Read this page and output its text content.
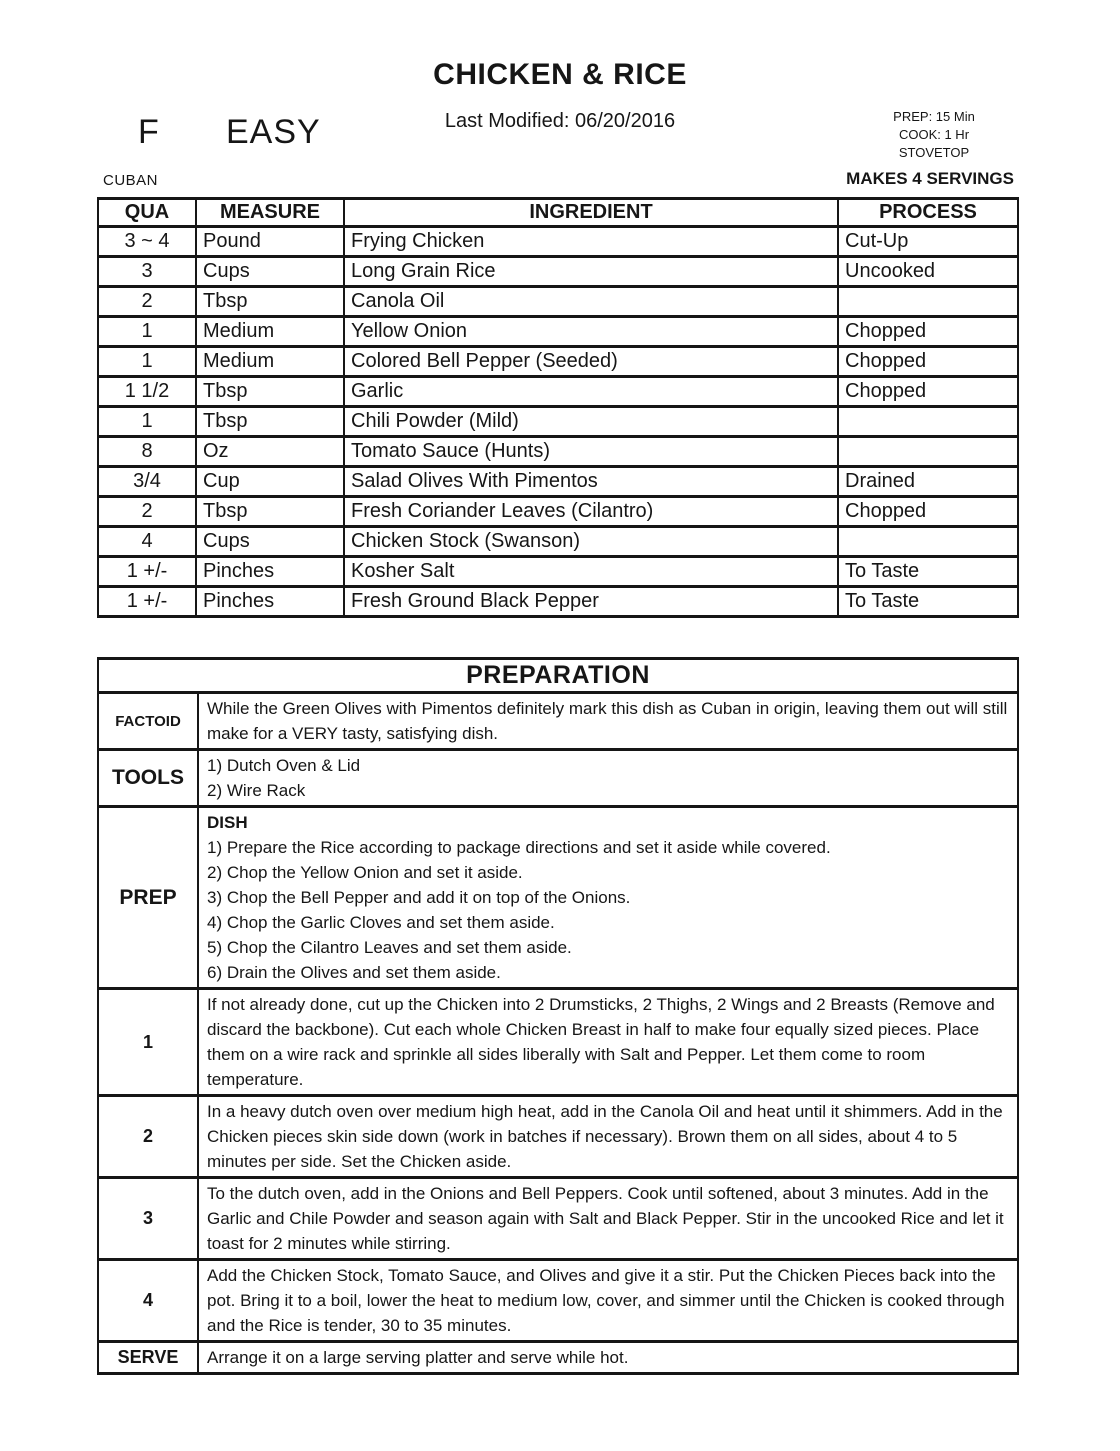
CHICKEN & RICE
Last Modified: 06/20/2016
F EASY	PREP: 15 Min
COOK: 1 Hr
STOVETOP
CUBAN	MAKES 4 SERVINGS
QUA	MEASURE	INGREDIENT	PROCESS
3 ~ 4	Pound	Frying Chicken	Cut-Up
3	Cups	Long Grain Rice	Uncooked
2	Tbsp	Canola Oil	
1	Medium	Yellow Onion	Chopped
1	Medium	Colored Bell Pepper (Seeded)	Chopped
1 1/2	Tbsp	Garlic	Chopped
1	Tbsp	Chili Powder (Mild)	
8	Oz	Tomato Sauce (Hunts)	
3/4	Cup	Salad Olives With Pimentos	Drained
2	Tbsp	Fresh Coriander Leaves (Cilantro)	Chopped
4	Cups	Chicken Stock (Swanson)	
1 +/-	Pinches	Kosher Salt	To Taste
1 +/-	Pinches	Fresh Ground Black Pepper	To Taste
PREPARATION	
FACTOID	While the Green Olives with Pimentos definitely mark this dish as Cuban in origin, leaving them out will still make for a VERY tasty, satisfying dish.
TOOLS	1) Dutch Oven & Lid
2) Wire Rack

PREP	
DISH
1) Prepare the Rice according to package directions and set it aside while covered.
2) Chop the Yellow Onion and set it aside.
3) Chop the Bell Pepper and add it on top of the Onions.
4) Chop the Garlic Cloves and set them aside.
5) Chop the Cilantro Leaves and set them aside.
6) Drain the Olives and set them aside.

1	If not already done, cut up the Chicken into 2 Drumsticks, 2 Thighs, 2 Wings and 2 Breasts (Remove and discard the backbone). Cut each whole Chicken Breast in half to make four equally sized pieces. Place them on a wire rack and sprinkle all sides liberally with Salt and Pepper. Let them come to room temperature.
2	In a heavy dutch oven over medium high heat, add in the Canola Oil and heat until it shimmers. Add in the Chicken pieces skin side down (work in batches if necessary). Brown them on all sides, about 4 to 5 minutes per side. Set the Chicken aside.
3	To the dutch oven, add in the Onions and Bell Peppers. Cook until softened, about 3 minutes. Add in the Garlic and Chile Powder and season again with Salt and Black Pepper. Stir in the uncooked Rice and let it toast for 2 minutes while stirring.
4	Add the Chicken Stock, Tomato Sauce, and Olives and give it a stir. Put the Chicken Pieces back into the pot. Bring it to a boil, lower the heat to medium low, cover, and simmer until the Chicken is cooked through and the Rice is tender, 30 to 35 minutes.
SERVE	Arrange it on a large serving platter and serve while hot.
